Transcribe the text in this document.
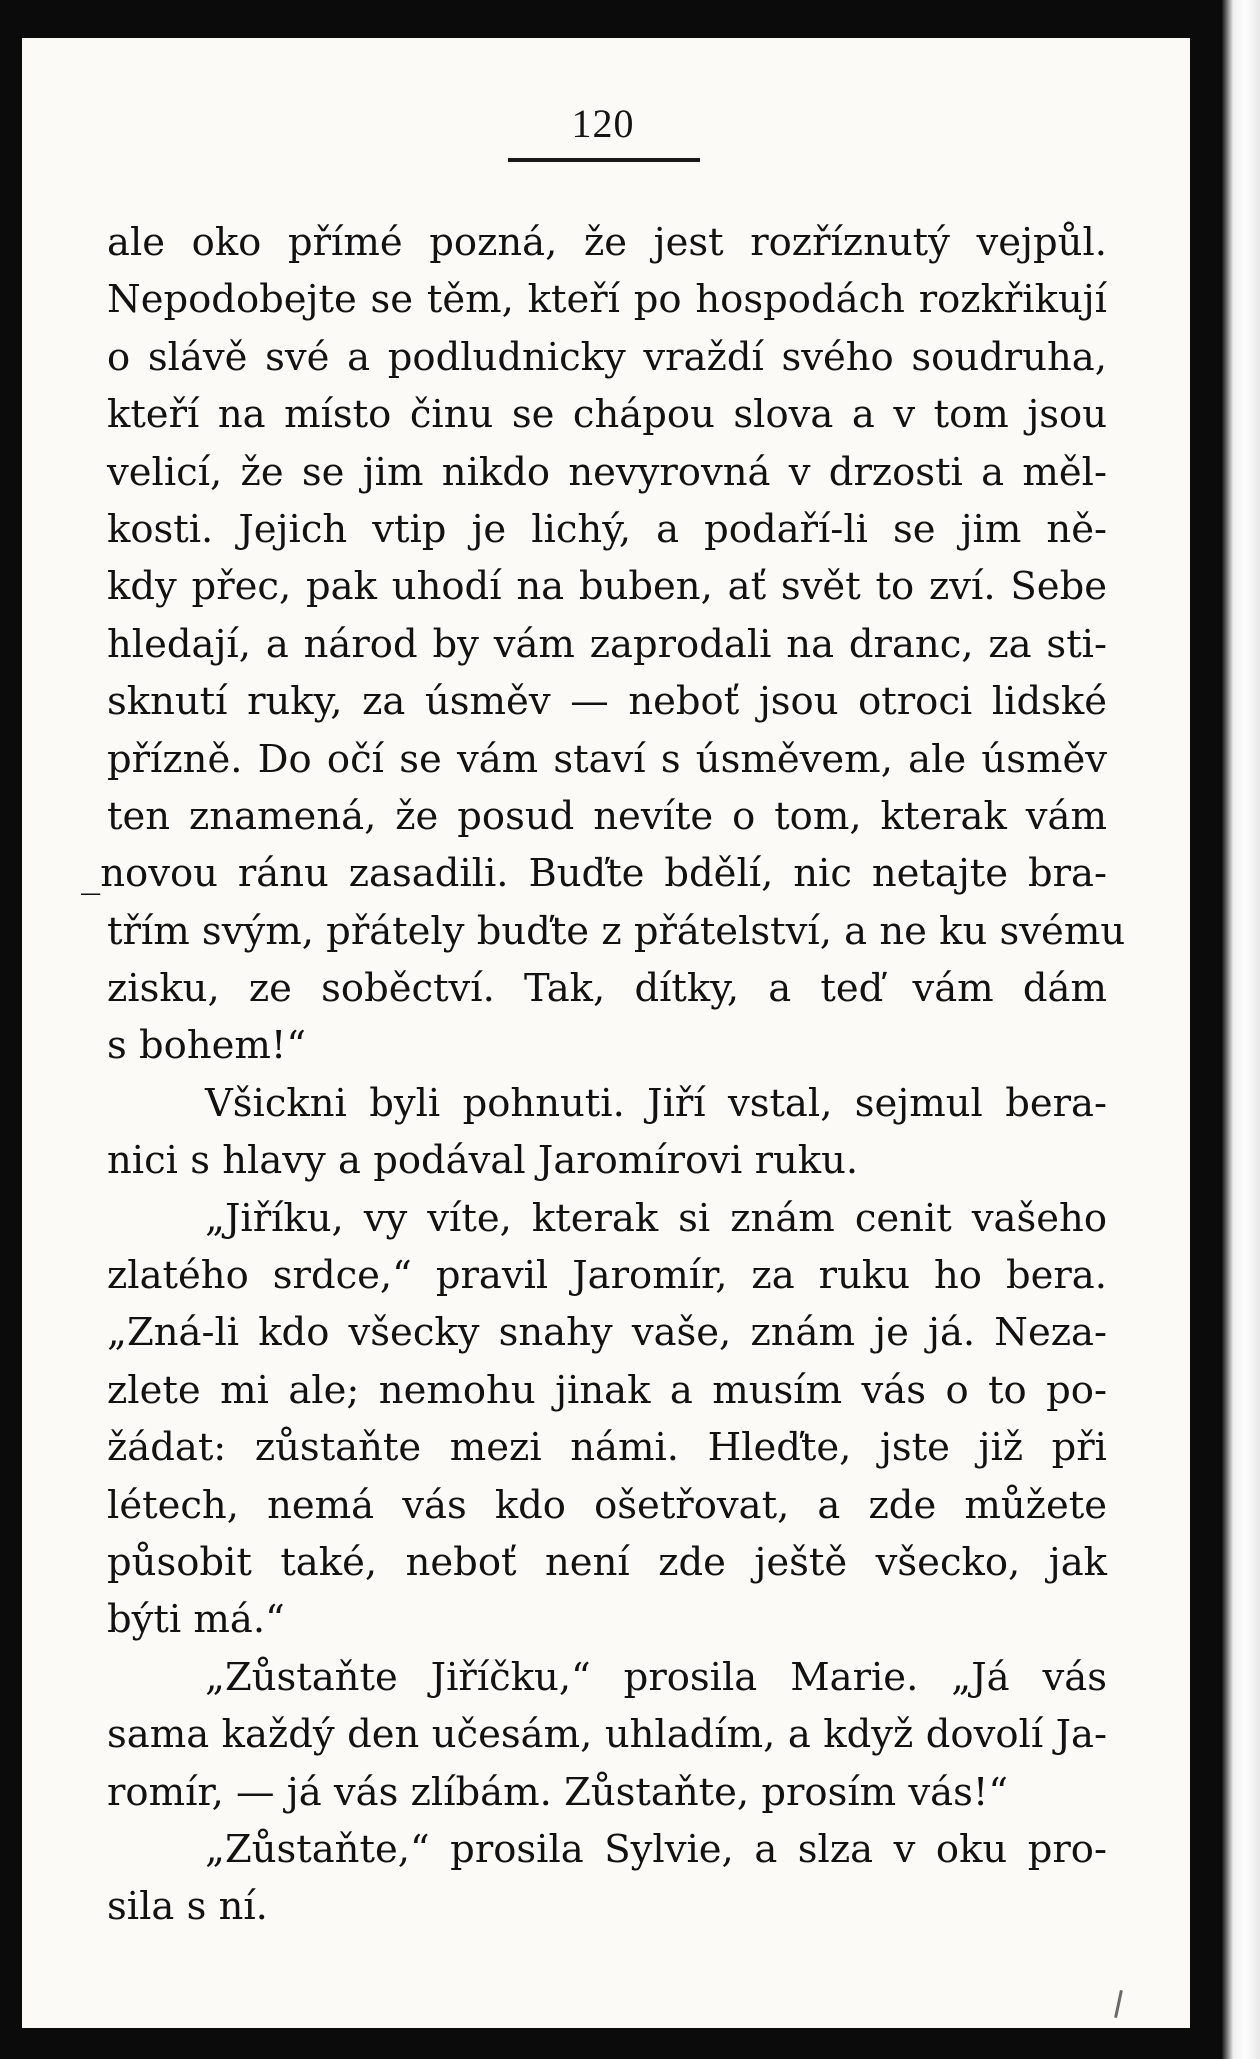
120
ale oko přímé pozná, že jest rozříznutý vejpůl.
Nepodobejte se těm, kteří po hospodách rozkřikují
o slávě své a podludnicky vraždí svého soudruha,
kteří na místo činu se chápou slova a v tom jsou
velicí, že se jim nikdo nevyrovná v drzosti a měl-
kosti. Jejich vtip je lichý, a podaří-li se jim ně-
kdy přec, pak uhodí na buben, ať svět to zví. Sebe
hledají, a národ by vám zaprodali na dranc, za sti-
sknutí ruky, za úsměv — neboť jsou otroci lidské
přízně. Do očí se vám staví s úsměvem, ale úsměv
ten znamená, že posud nevíte o tom, kterak vám
_novou ránu zasadili. Buďte bdělí, nic netajte bra-
třím svým, přátely buďte z přátelství, a ne ku svému
zisku, ze soběctví. Tak, dítky, a teď vám dám
s bohem!“
Všickni byli pohnuti. Jiří vstal, sejmul bera-
nici s hlavy a podával Jaromírovi ruku.
„Jiříku, vy víte, kterak si znám cenit vašeho
zlatého srdce,“ pravil Jaromír, za ruku ho bera.
„Zná-li kdo všecky snahy vaše, znám je já. Neza-
zlete mi ale; nemohu jinak a musím vás o to po-
žádat: zůstaňte mezi námi. Hleďte, jste již při
létech, nemá vás kdo ošetřovat, a zde můžete
působit také, neboť není zde ještě všecko, jak
býti má.“
„Zůstaňte Jiříčku,“ prosila Marie. „Já vás
sama každý den učesám, uhladím, a když dovolí Ja-
romír, — já vás zlíbám. Zůstaňte, prosím vás!“
„Zůstaňte,“ prosila Sylvie, a slza v oku pro-
sila s ní.
